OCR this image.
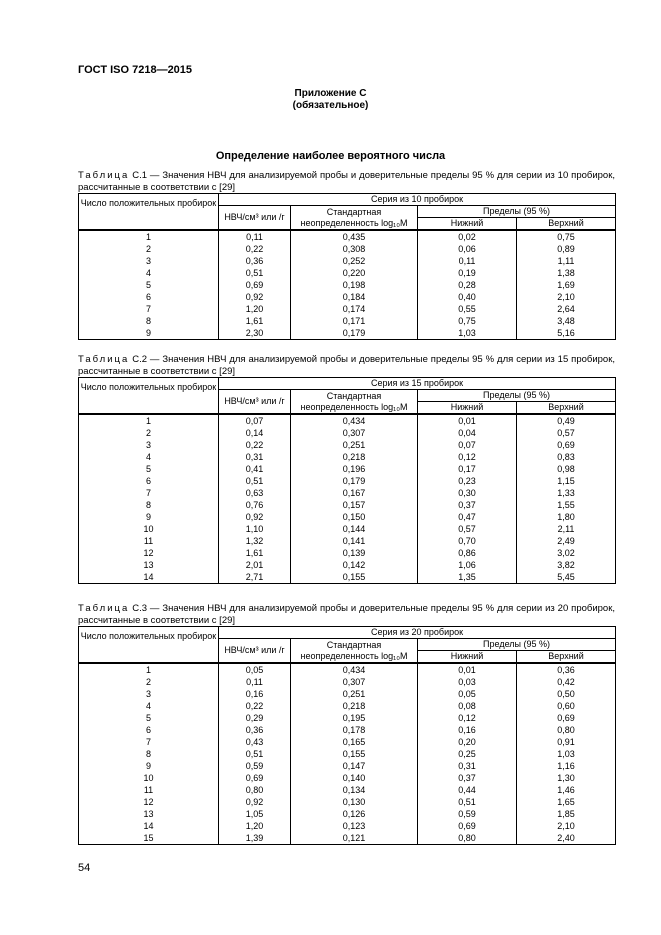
ГОСТ ISO 7218—2015
Приложение С
(обязательное)
Определение наиболее вероятного числа
Таблица С.1 — Значения НВЧ для анализируемой пробы и доверительные пределы 95 % для серии из 10 пробирок, рассчитанные в соответствии с [29]
Число положительных пробирок	Серия из 10 пробирок			
	НВЧ/см³ или /г	Стандартная неопределенность log₁₀M	Пределы (95 %)	
			Нижний	Верхний
1	0,11	0,435	0,02	0,75
2	0,22	0,308	0,06	0,89
3	0,36	0,252	0,11	1,11
4	0,51	0,220	0,19	1,38
5	0,69	0,198	0,28	1,69
6	0,92	0,184	0,40	2,10
7	1,20	0,174	0,55	2,64
8	1,61	0,171	0,75	3,48
9	2,30	0,179	1,03	5,16
Таблица С.2 — Значения НВЧ для анализируемой пробы и доверительные пределы 95 % для серии из 15 пробирок, рассчитанные в соответствии с [29]
Число положительных пробирок	Серия из 15 пробирок			
	НВЧ/см³ или /г	Стандартная неопределенность log₁₀M	Пределы (95 %)	
			Нижний	Верхний
1	0,07	0,434	0,01	0,49
2	0,14	0,307	0,04	0,57
3	0,22	0,251	0,07	0,69
4	0,31	0,218	0,12	0,83
5	0,41	0,196	0,17	0,98
6	0,51	0,179	0,23	1,15
7	0,63	0,167	0,30	1,33
8	0,76	0,157	0,37	1,55
9	0,92	0,150	0,47	1,80
10	1,10	0,144	0,57	2,11
11	1,32	0,141	0,70	2,49
12	1,61	0,139	0,86	3,02
13	2,01	0,142	1,06	3,82
14	2,71	0,155	1,35	5,45
Таблица С.3 — Значения НВЧ для анализируемой пробы и доверительные пределы 95 % для серии из 20 пробирок, рассчитанные в соответствии с [29]
Число положительных пробирок	Серия из 20 пробирок			
	НВЧ/см³ или /г	Стандартная неопределенность log₁₀M	Пределы (95 %)	
			Нижний	Верхний
1	0,05	0,434	0,01	0,36
2	0,11	0,307	0,03	0,42
3	0,16	0,251	0,05	0,50
4	0,22	0,218	0,08	0,60
5	0,29	0,195	0,12	0,69
6	0,36	0,178	0,16	0,80
7	0,43	0,165	0,20	0,91
8	0,51	0,155	0,25	1,03
9	0,59	0,147	0,31	1,16
10	0,69	0,140	0,37	1,30
11	0,80	0,134	0,44	1,46
12	0,92	0,130	0,51	1,65
13	1,05	0,126	0,59	1,85
14	1,20	0,123	0,69	2,10
15	1,39	0,121	0,80	2,40
54
